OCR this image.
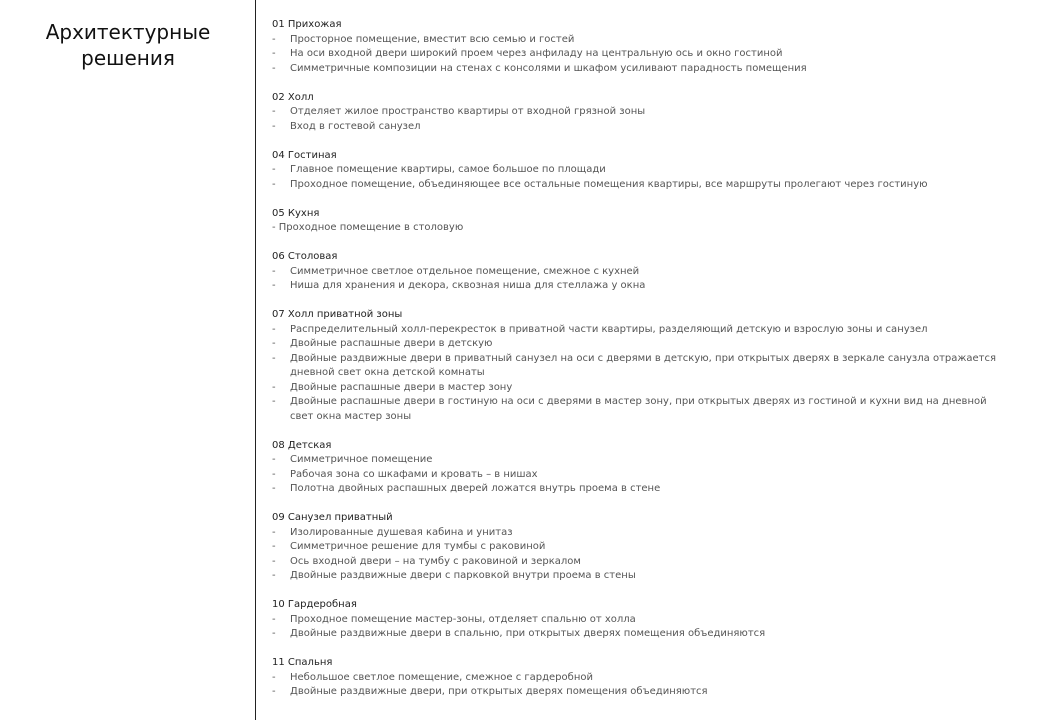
Архитектурные
решения
01 Прихожая
- Просторное помещение, вместит всю семью и гостей
- На оси входной двери широкий проем через анфиладу на центральную ось и окно гостиной
- Симметричные композиции на стенах с консолями и шкафом усиливают парадность помещения
02 Холл
- Отделяет жилое пространство квартиры от входной грязной зоны
- Вход в гостевой санузел
04 Гостиная
- Главное помещение квартиры, самое большое по площади
- Проходное помещение, объединяющее все остальные помещения квартиры, все маршруты пролегают через гостиную
05 Кухня
- Проходное помещение в столовую
06 Столовая
- Симметричное светлое отдельное помещение, смежное с кухней
- Ниша для хранения и декора, сквозная ниша для стеллажа у окна
07 Холл приватной зоны
- Распределительный холл-перекресток в приватной части квартиры, разделяющий детскую и взрослую зоны и санузел
- Двойные распашные двери в детскую
- Двойные раздвижные двери в приватный санузел на оси с дверями в детскую, при открытых дверях в зеркале санузла отражается дневной свет окна детской комнаты
- Двойные распашные двери в мастер зону
- Двойные распашные двери в гостиную на оси с дверями в мастер зону, при открытых дверях из гостиной и кухни вид на дневной свет окна мастер зоны
08 Детская
- Симметричное помещение
- Рабочая зона со шкафами и кровать – в нишах
- Полотна двойных распашных дверей ложатся внутрь проема в стене
09 Санузел приватный
- Изолированные душевая кабина и унитаз
- Симметричное решение для тумбы с раковиной
- Ось входной двери – на тумбу с раковиной и зеркалом
- Двойные раздвижные двери с парковкой внутри проема в стены
10 Гардеробная
- Проходное помещение мастер-зоны, отделяет спальню от холла
- Двойные раздвижные двери в спальню, при открытых дверях помещения объединяются
11 Спальня
- Небольшое светлое помещение, смежное с гардеробной
- Двойные раздвижные двери, при открытых дверях помещения объединяются
